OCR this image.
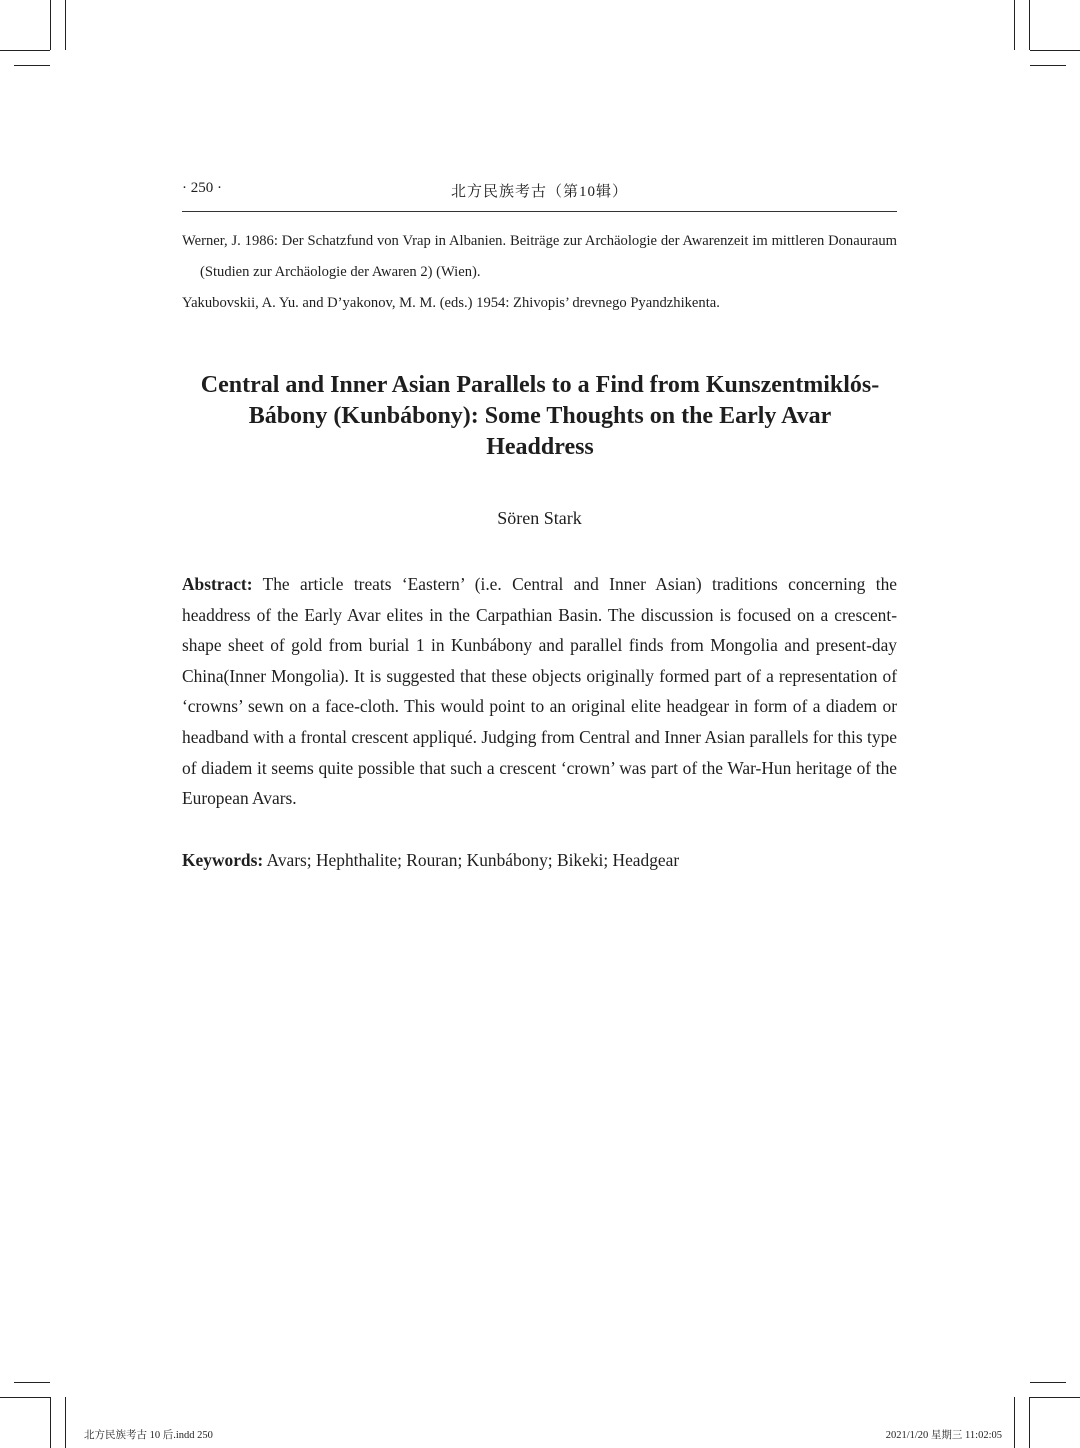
· 250 ·	北方民族考古（第10辑）

Werner, J. 1986: Der Schatzfund von Vrap in Albanien. Beiträge zur Archäologie der Awarenzeit im mittleren Donauraum (Studien zur Archäologie der Awaren 2) (Wien).

Yakubovskii, A. Yu. and D’yakonov, M. M. (eds.) 1954: Zhivopis’ drevnego Pyandzhikenta.

Central and Inner Asian Parallels to a Find from Kunszentmiklós-
Bábony (Kunbábony): Some Thoughts on the Early Avar
Headdress
Sören Stark

Abstract: The article treats ‘Eastern’ (i.e. Central and Inner Asian) traditions concerning the headdress of the Early Avar elites in the Carpathian Basin. The discussion is focused on a crescent-shape sheet of gold from burial 1 in Kunbábony and parallel finds from Mongolia and present-day China(Inner Mongolia). It is suggested that these objects originally formed part of a representation of ‘crowns’ sewn on a face-cloth. This would point to an original elite headgear in form of a diadem or headband with a frontal crescent appliqué. Judging from Central and Inner Asian parallels for this type of diadem it seems quite possible that such a crescent ‘crown’ was part of the War-Hun heritage of the European Avars.

Keywords: Avars; Hephthalite; Rouran; Kunbábony; Bikeki; Headgear

北方民族考古 10 后.indd 250	2021/1/20 星期三 11:02:05
